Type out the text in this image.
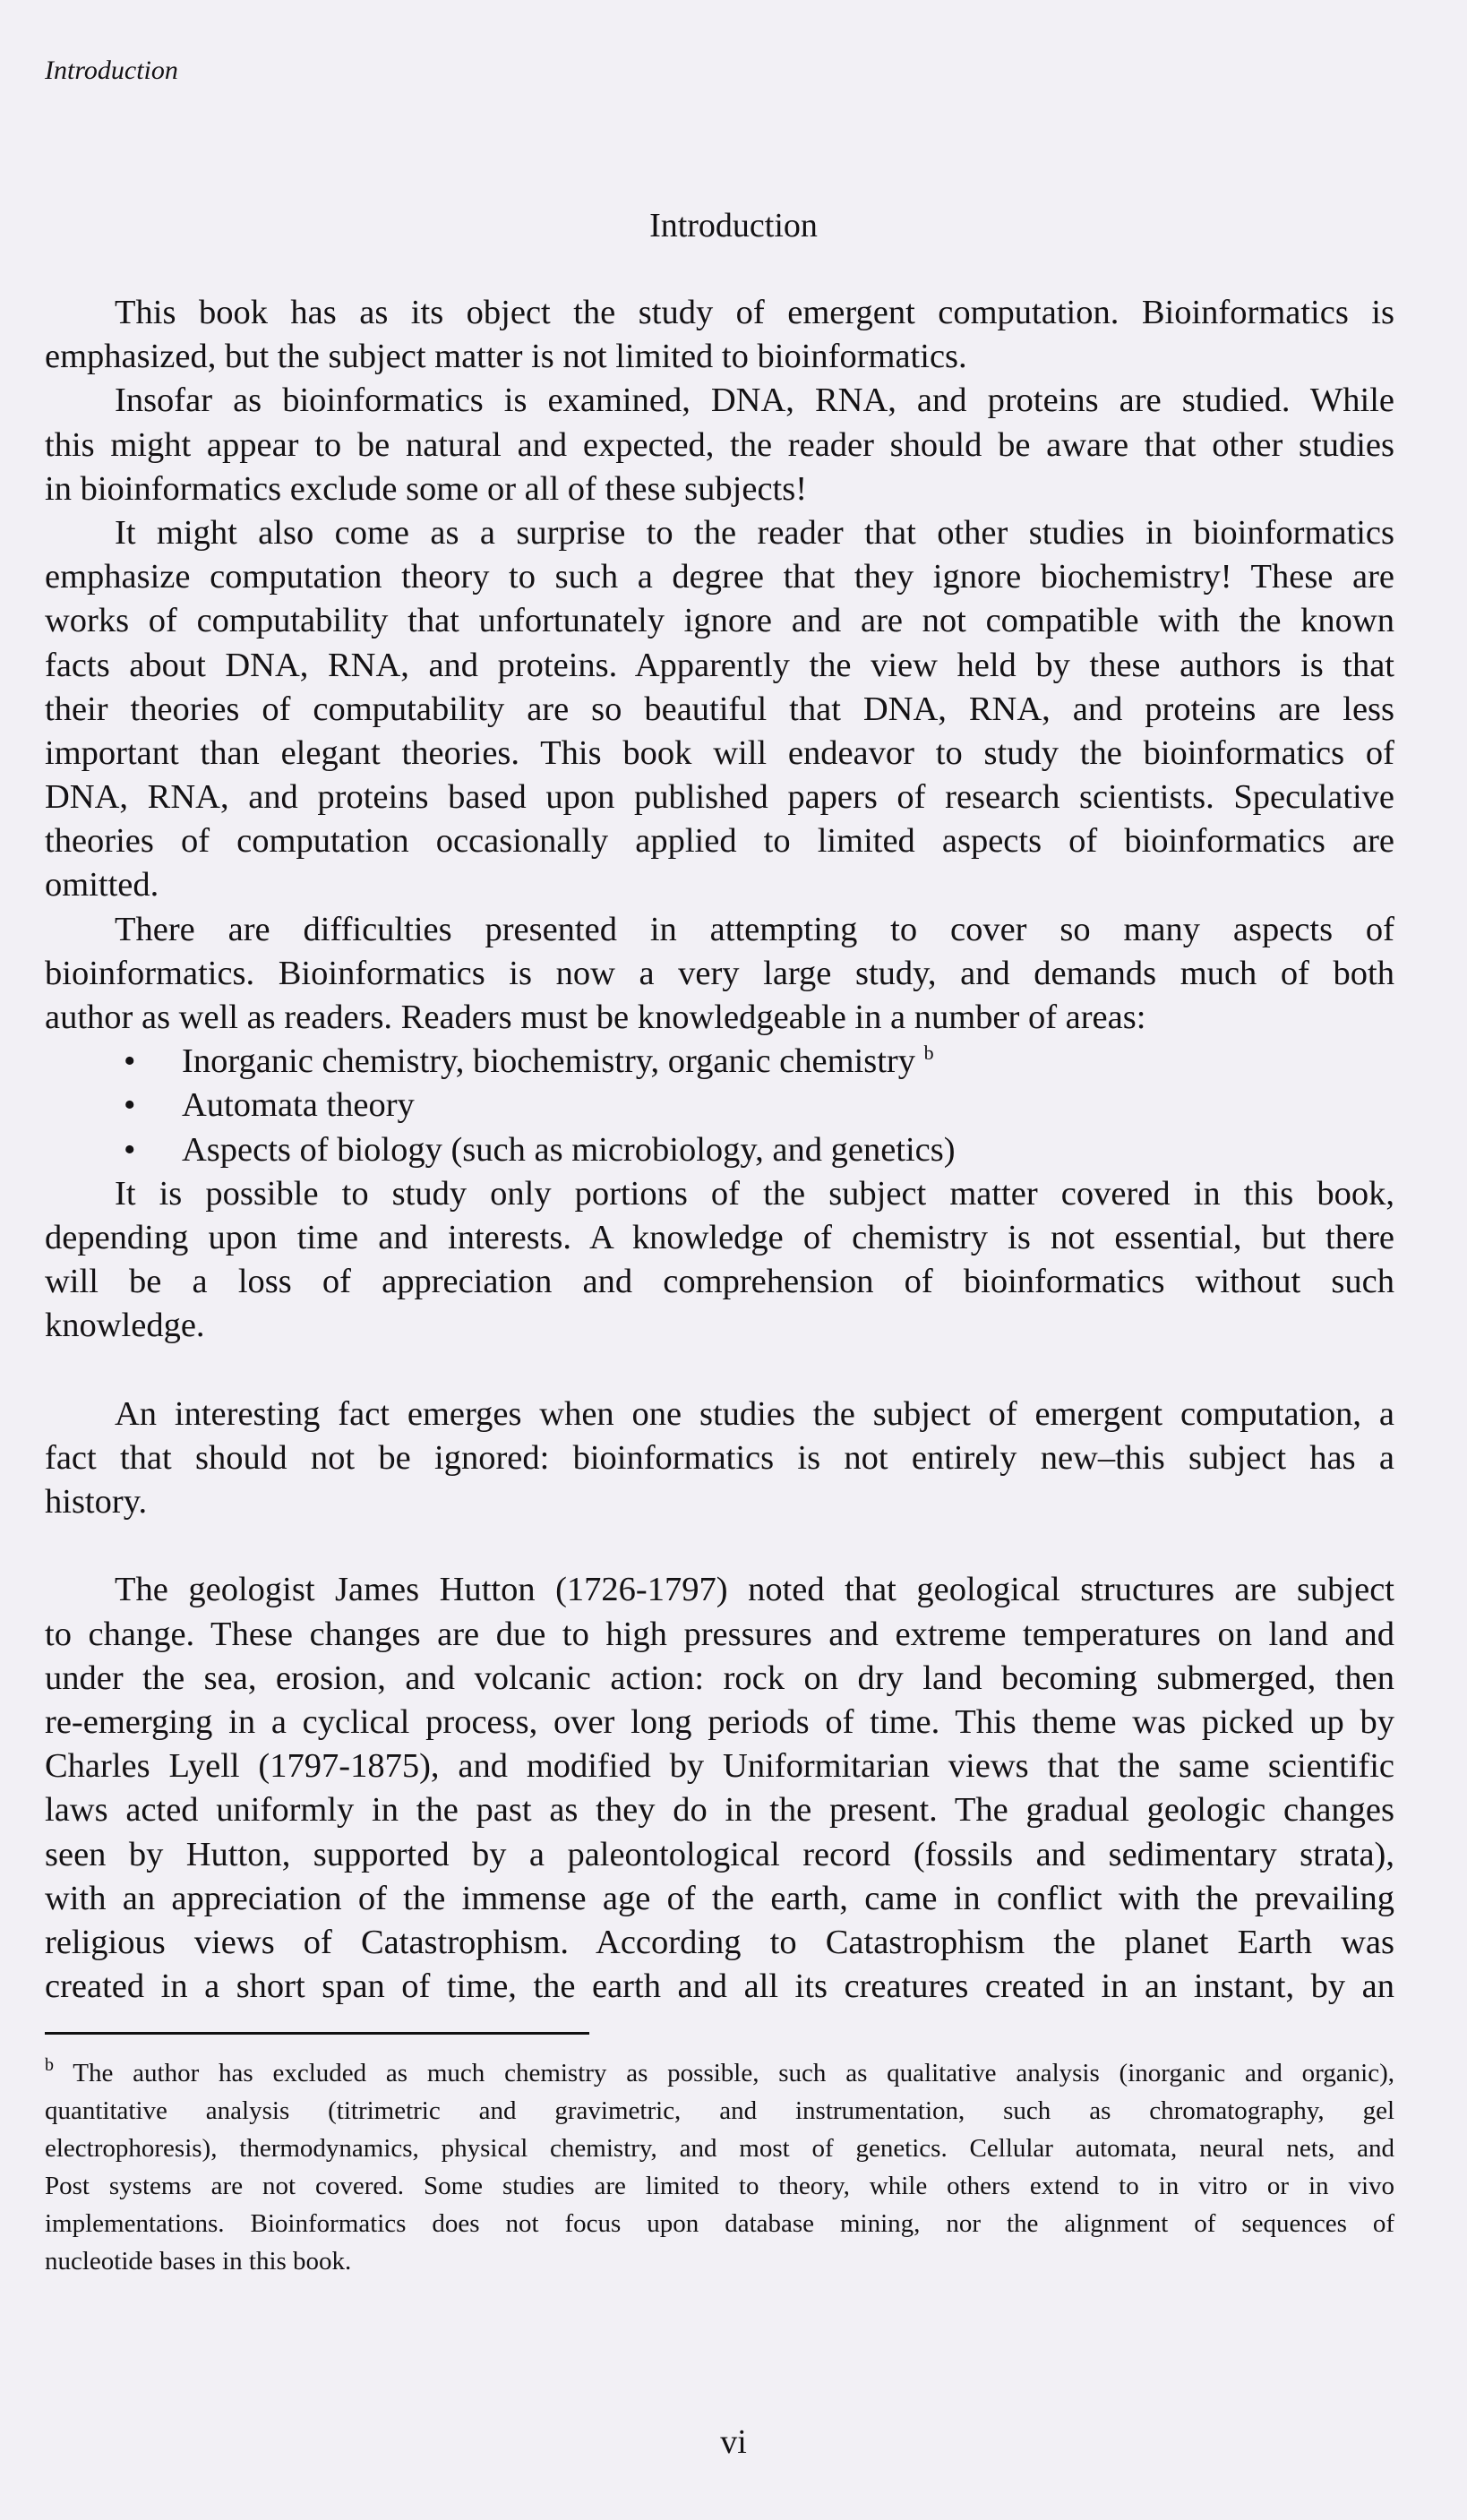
Introduction
Introduction
This book has as its object the study of emergent computation. Bioinformatics is
emphasized, but the subject matter is not limited to bioinformatics.
Insofar as bioinformatics is examined, DNA, RNA, and proteins are studied. While
this might appear to be natural and expected, the reader should be aware that other studies
in bioinformatics exclude some or all of these subjects!
It might also come as a surprise to the reader that other studies in bioinformatics
emphasize computation theory to such a degree that they ignore biochemistry! These are
works of computability that unfortunately ignore and are not compatible with the known
facts about DNA, RNA, and proteins. Apparently the view held by these authors is that
their theories of computability are so beautiful that DNA, RNA, and proteins are less
important than elegant theories. This book will endeavor to study the bioinformatics of
DNA, RNA, and proteins based upon published papers of research scientists. Speculative
theories of computation occasionally applied to limited aspects of bioinformatics are
omitted.
There are difficulties presented in attempting to cover so many aspects of
bioinformatics. Bioinformatics is now a very large study, and demands much of both
author as well as readers. Readers must be knowledgeable in a number of areas:
•	Inorganic chemistry, biochemistry, organic chemistry $^b$
•	Automata theory
•	Aspects of biology (such as microbiology, and genetics)
It is possible to study only portions of the subject matter covered in this book,
depending upon time and interests. A knowledge of chemistry is not essential, but there
will be a loss of appreciation and comprehension of bioinformatics without such
knowledge.
An interesting fact emerges when one studies the subject of emergent computation, a
fact that should not be ignored: bioinformatics is not entirely new–this subject has a
history.
The geologist James Hutton (1726-1797) noted that geological structures are subject
to change. These changes are due to high pressures and extreme temperatures on land and
under the sea, erosion, and volcanic action: rock on dry land becoming submerged, then
re-emerging in a cyclical process, over long periods of time. This theme was picked up by
Charles Lyell (1797-1875), and modified by Uniformitarian views that the same scientific
laws acted uniformly in the past as they do in the present. The gradual geologic changes
seen by Hutton, supported by a paleontological record (fossils and sedimentary strata),
with an appreciation of the immense age of the earth, came in conflict with the prevailing
religious views of Catastrophism. According to Catastrophism the planet Earth was
created in a short span of time, the earth and all its creatures created in an instant, by an
$^b$ The author has excluded as much chemistry as possible, such as qualitative analysis (inorganic and organic),
quantitative analysis (titrimetric and gravimetric, and instrumentation, such as chromatography, gel
electrophoresis), thermodynamics, physical chemistry, and most of genetics. Cellular automata, neural nets, and
Post systems are not covered. Some studies are limited to theory, while others extend to in vitro or in vivo
implementations. Bioinformatics does not focus upon database mining, nor the alignment of sequences of
nucleotide bases in this book.
vi
